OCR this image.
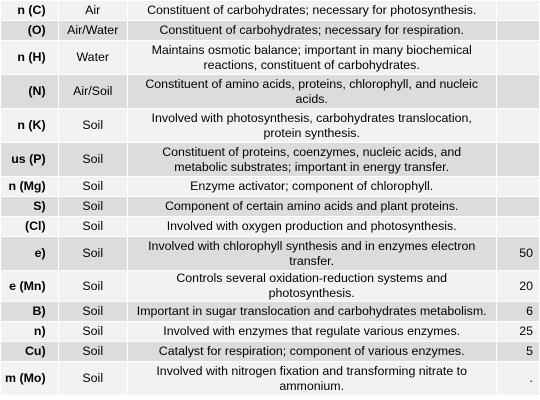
n (C)	Air	Constituent of carbohydrates; necessary for photosynthesis.	
(O)	Air/Water	Constituent of carbohydrates; necessary for respiration.	
n (H)	Water	Maintains osmotic balance; important in many biochemical reactions, constituent of carbohydrates.	
(N)	Air/Soil	Constituent of amino acids, proteins, chlorophyll, and nucleic acids.	
n (K)	Soil	Involved with photosynthesis, carbohydrates translocation, protein synthesis.	
us (P)	Soil	Constituent of proteins, coenzymes, nucleic acids, and metabolic substrates; important in energy transfer.	
n (Mg)	Soil	Enzyme activator; component of chlorophyll.	
S)	Soil	Component of certain amino acids and plant proteins.	
(Cl)	Soil	Involved with oxygen production and photosynthesis.	
e)	Soil	Involved with chlorophyll synthesis and in enzymes electron transfer.	50
e (Mn)	Soil	Controls several oxidation-reduction systems and photosynthesis.	20
B)	Soil	Important in sugar translocation and carbohydrates metabolism.	6
n)	Soil	Involved with enzymes that regulate various enzymes.	25
Cu)	Soil	Catalyst for respiration; component of various enzymes.	5
m (Mo)	Soil	Involved with nitrogen fixation and transforming nitrate to ammonium.	.
